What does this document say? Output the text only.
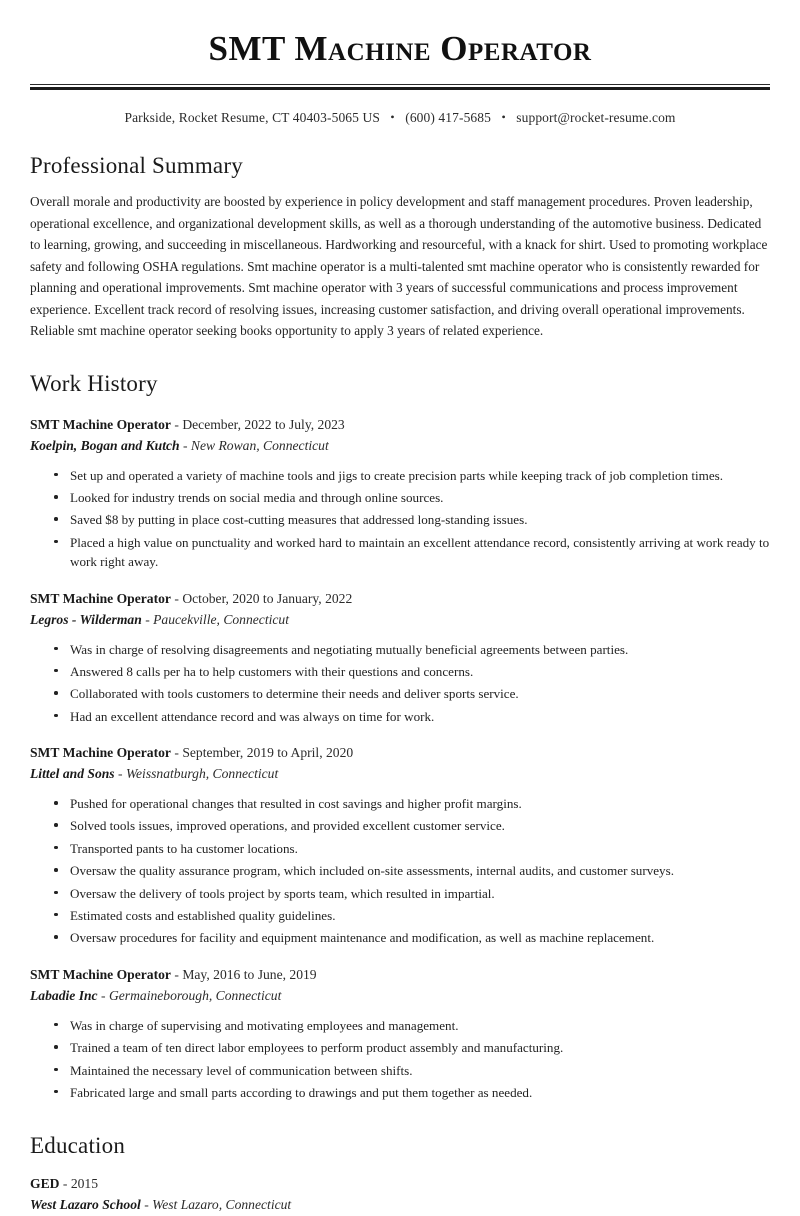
SMT Machine Operator
Parkside, Rocket Resume, CT 40403-5065 US • (600) 417-5685 • support@rocket-resume.com
Professional Summary

Overall morale and productivity are boosted by experience in policy development and staff management procedures. Proven leadership, operational excellence, and organizational development skills, as well as a thorough understanding of the automotive business. Dedicated to learning, growing, and succeeding in miscellaneous. Hardworking and resourceful, with a knack for shirt. Used to promoting workplace safety and following OSHA regulations. Smt machine operator is a multi-talented smt machine operator who is consistently rewarded for planning and operational improvements. Smt machine operator with 3 years of successful communications and process improvement experience. Excellent track record of resolving issues, increasing customer satisfaction, and driving overall operational improvements. Reliable smt machine operator seeking books opportunity to apply 3 years of related experience.

Work History
SMT Machine Operator - December, 2022 to July, 2023
Koelpin, Bogan and Kutch - New Rowan, Connecticut
Set up and operated a variety of machine tools and jigs to create precision parts while keeping track of job completion times.
Looked for industry trends on social media and through online sources.
Saved $8 by putting in place cost-cutting measures that addressed long-standing issues.
Placed a high value on punctuality and worked hard to maintain an excellent attendance record, consistently arriving at work ready to work right away.
SMT Machine Operator - October, 2020 to January, 2022
Legros - Wilderman - Paucekville, Connecticut
Was in charge of resolving disagreements and negotiating mutually beneficial agreements between parties.
Answered 8 calls per ha to help customers with their questions and concerns.
Collaborated with tools customers to determine their needs and deliver sports service.
Had an excellent attendance record and was always on time for work.
SMT Machine Operator - September, 2019 to April, 2020
Littel and Sons - Weissnatburgh, Connecticut
Pushed for operational changes that resulted in cost savings and higher profit margins.
Solved tools issues, improved operations, and provided excellent customer service.
Transported pants to ha customer locations.
Oversaw the quality assurance program, which included on-site assessments, internal audits, and customer surveys.
Oversaw the delivery of tools project by sports team, which resulted in impartial.
Estimated costs and established quality guidelines.
Oversaw procedures for facility and equipment maintenance and modification, as well as machine replacement.
SMT Machine Operator - May, 2016 to June, 2019
Labadie Inc - Germaineborough, Connecticut
Was in charge of supervising and motivating employees and management.
Trained a team of ten direct labor employees to perform product assembly and manufacturing.
Maintained the necessary level of communication between shifts.
Fabricated large and small parts according to drawings and put them together as needed.
Education
GED - 2015
West Lazaro School - West Lazaro, Connecticut
